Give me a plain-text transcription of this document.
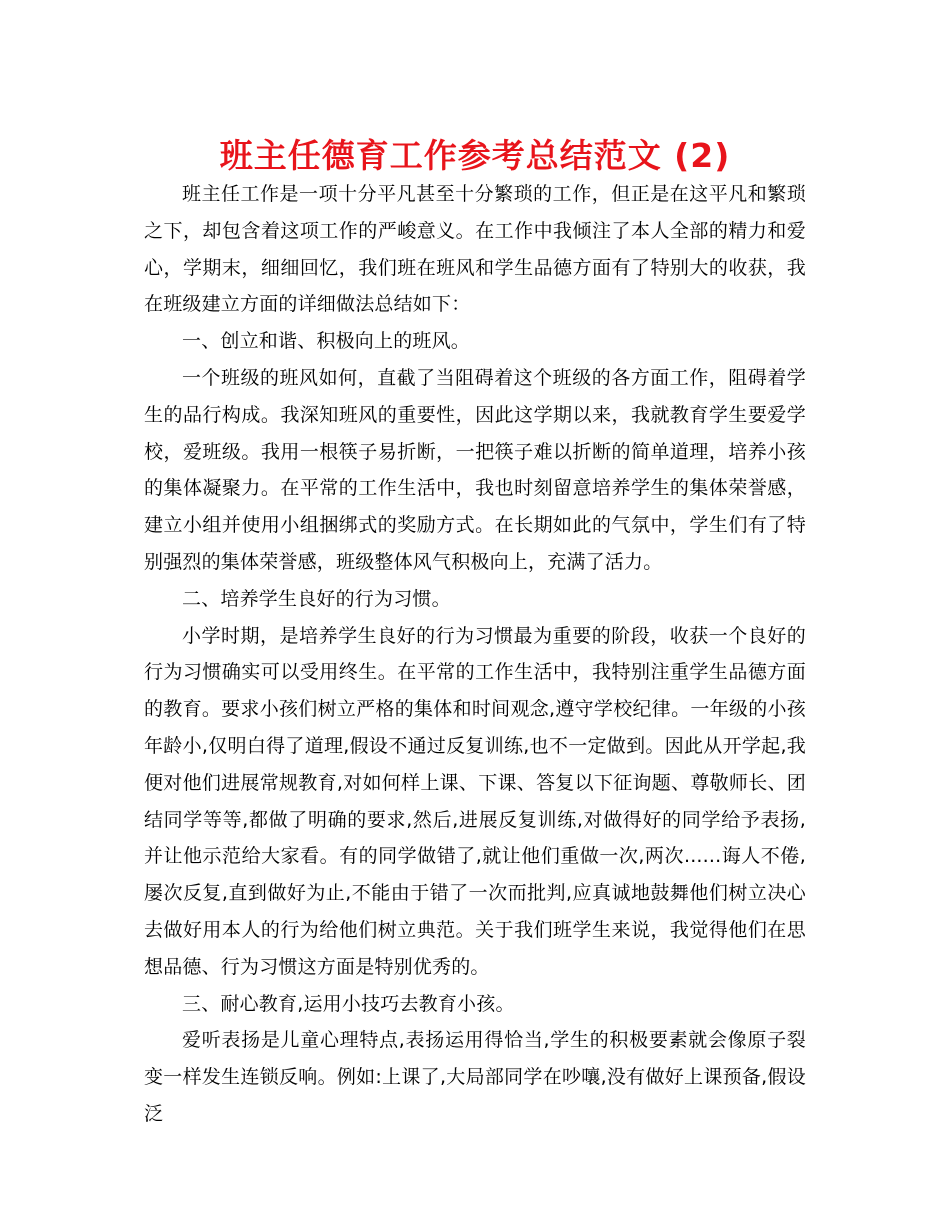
班主任德育工作参考总结范文 (2)

班主任工作是一项十分平凡甚至十分繁琐的工作，但正是在这平凡和繁琐之下，却包含着这项工作的严峻意义。在工作中我倾注了本人全部的精力和爱心，学期末，细细回忆，我们班在班风和学生品德方面有了特别大的收获，我在班级建立方面的详细做法总结如下：

一、创立和谐、积极向上的班风。

一个班级的班风如何，直截了当阻碍着这个班级的各方面工作，阻碍着学生的品行构成。我深知班风的重要性，因此这学期以来，我就教育学生要爱学校，爱班级。我用一根筷子易折断，一把筷子难以折断的简单道理，培养小孩的集体凝聚力。在平常的工作生活中，我也时刻留意培养学生的集体荣誉感，建立小组并使用小组捆绑式的奖励方式。在长期如此的气氛中，学生们有了特别强烈的集体荣誉感，班级整体风气积极向上，充满了活力。

二、培养学生良好的行为习惯。

小学时期，是培养学生良好的行为习惯最为重要的阶段，收获一个良好的行为习惯确实可以受用终生。在平常的工作生活中，我特别注重学生品德方面的教育。要求小孩们树立严格的集体和时间观念,遵守学校纪律。一年级的小孩年龄小,仅明白得了道理,假设不通过反复训练,也不一定做到。因此从开学起,我便对他们进展常规教育,对如何样上课、下课、答复以下征询题、尊敬师长、团结同学等等,都做了明确的要求,然后,进展反复训练,对做得好的同学给予表扬,并让他示范给大家看。有的同学做错了,就让他们重做一次,两次......诲人不倦,屡次反复,直到做好为止,不能由于错了一次而批判,应真诚地鼓舞他们树立决心去做好用本人的行为给他们树立典范。关于我们班学生来说，我觉得他们在思想品德、行为习惯这方面是特别优秀的。

三、耐心教育,运用小技巧去教育小孩。

爱听表扬是儿童心理特点,表扬运用得恰当,学生的积极要素就会像原子裂变一样发生连锁反响。例如:上课了,大局部同学在吵嚷,没有做好上课预备,假设泛
